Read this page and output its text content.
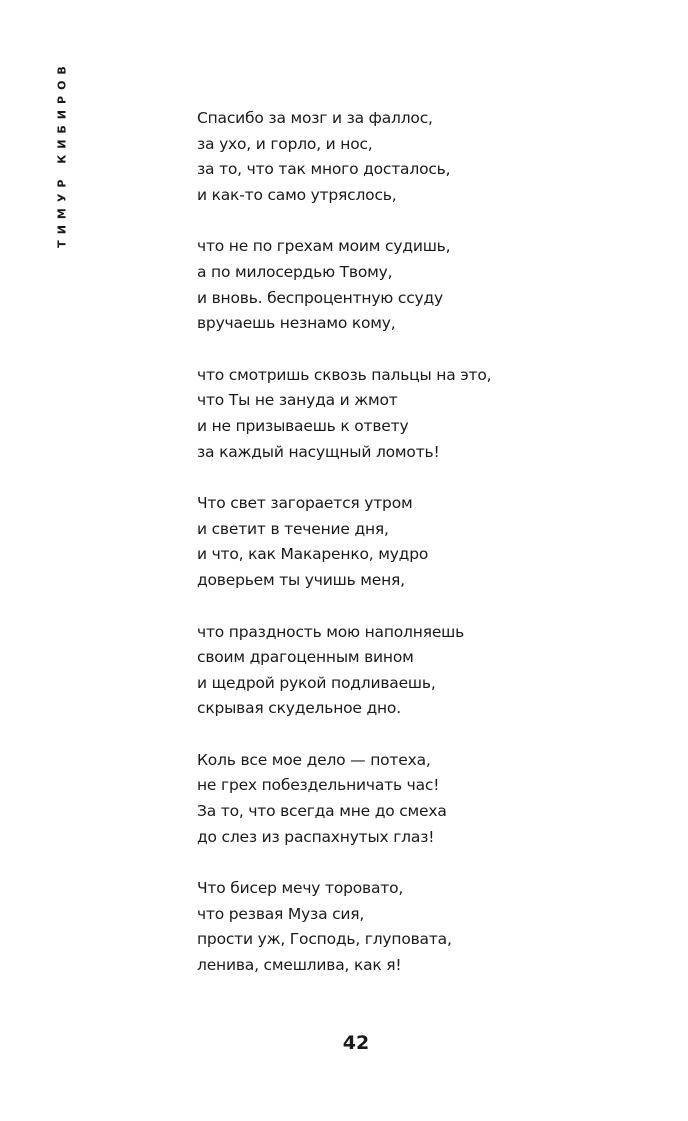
ТИМУР КИБИРОВ	Спасибо за мозг и за фаллос,
за ухо, и горло, и нос,
за то, что так много досталось,
и как-то само утряслось,
что не по грехам моим судишь,
а по милосердью Твому,
и вновь. беспроцентную ссуду
вручаешь незнамо кому,
что смотришь сквозь пальцы на это,
что Ты не зануда и жмот
и не призываешь к ответу
за каждый насущный ломоть!
Что свет загорается утром
и светит в течение дня,
и что, как Макаренко, мудро
доверьем ты учишь меня,
что праздность мою наполняешь
своим драгоценным вином
и щедрой рукой подливаешь,
скрывая скудельное дно.
Коль все мое дело — потеха,
не грех побездельничать час!
За то, что всегда мне до смеха
до слез из распахнутых глаз!
Что бисер мечу торовато,
что резвая Муза сия,
прости уж, Господь, глуповата,
ленива, смешлива, как я!
42
